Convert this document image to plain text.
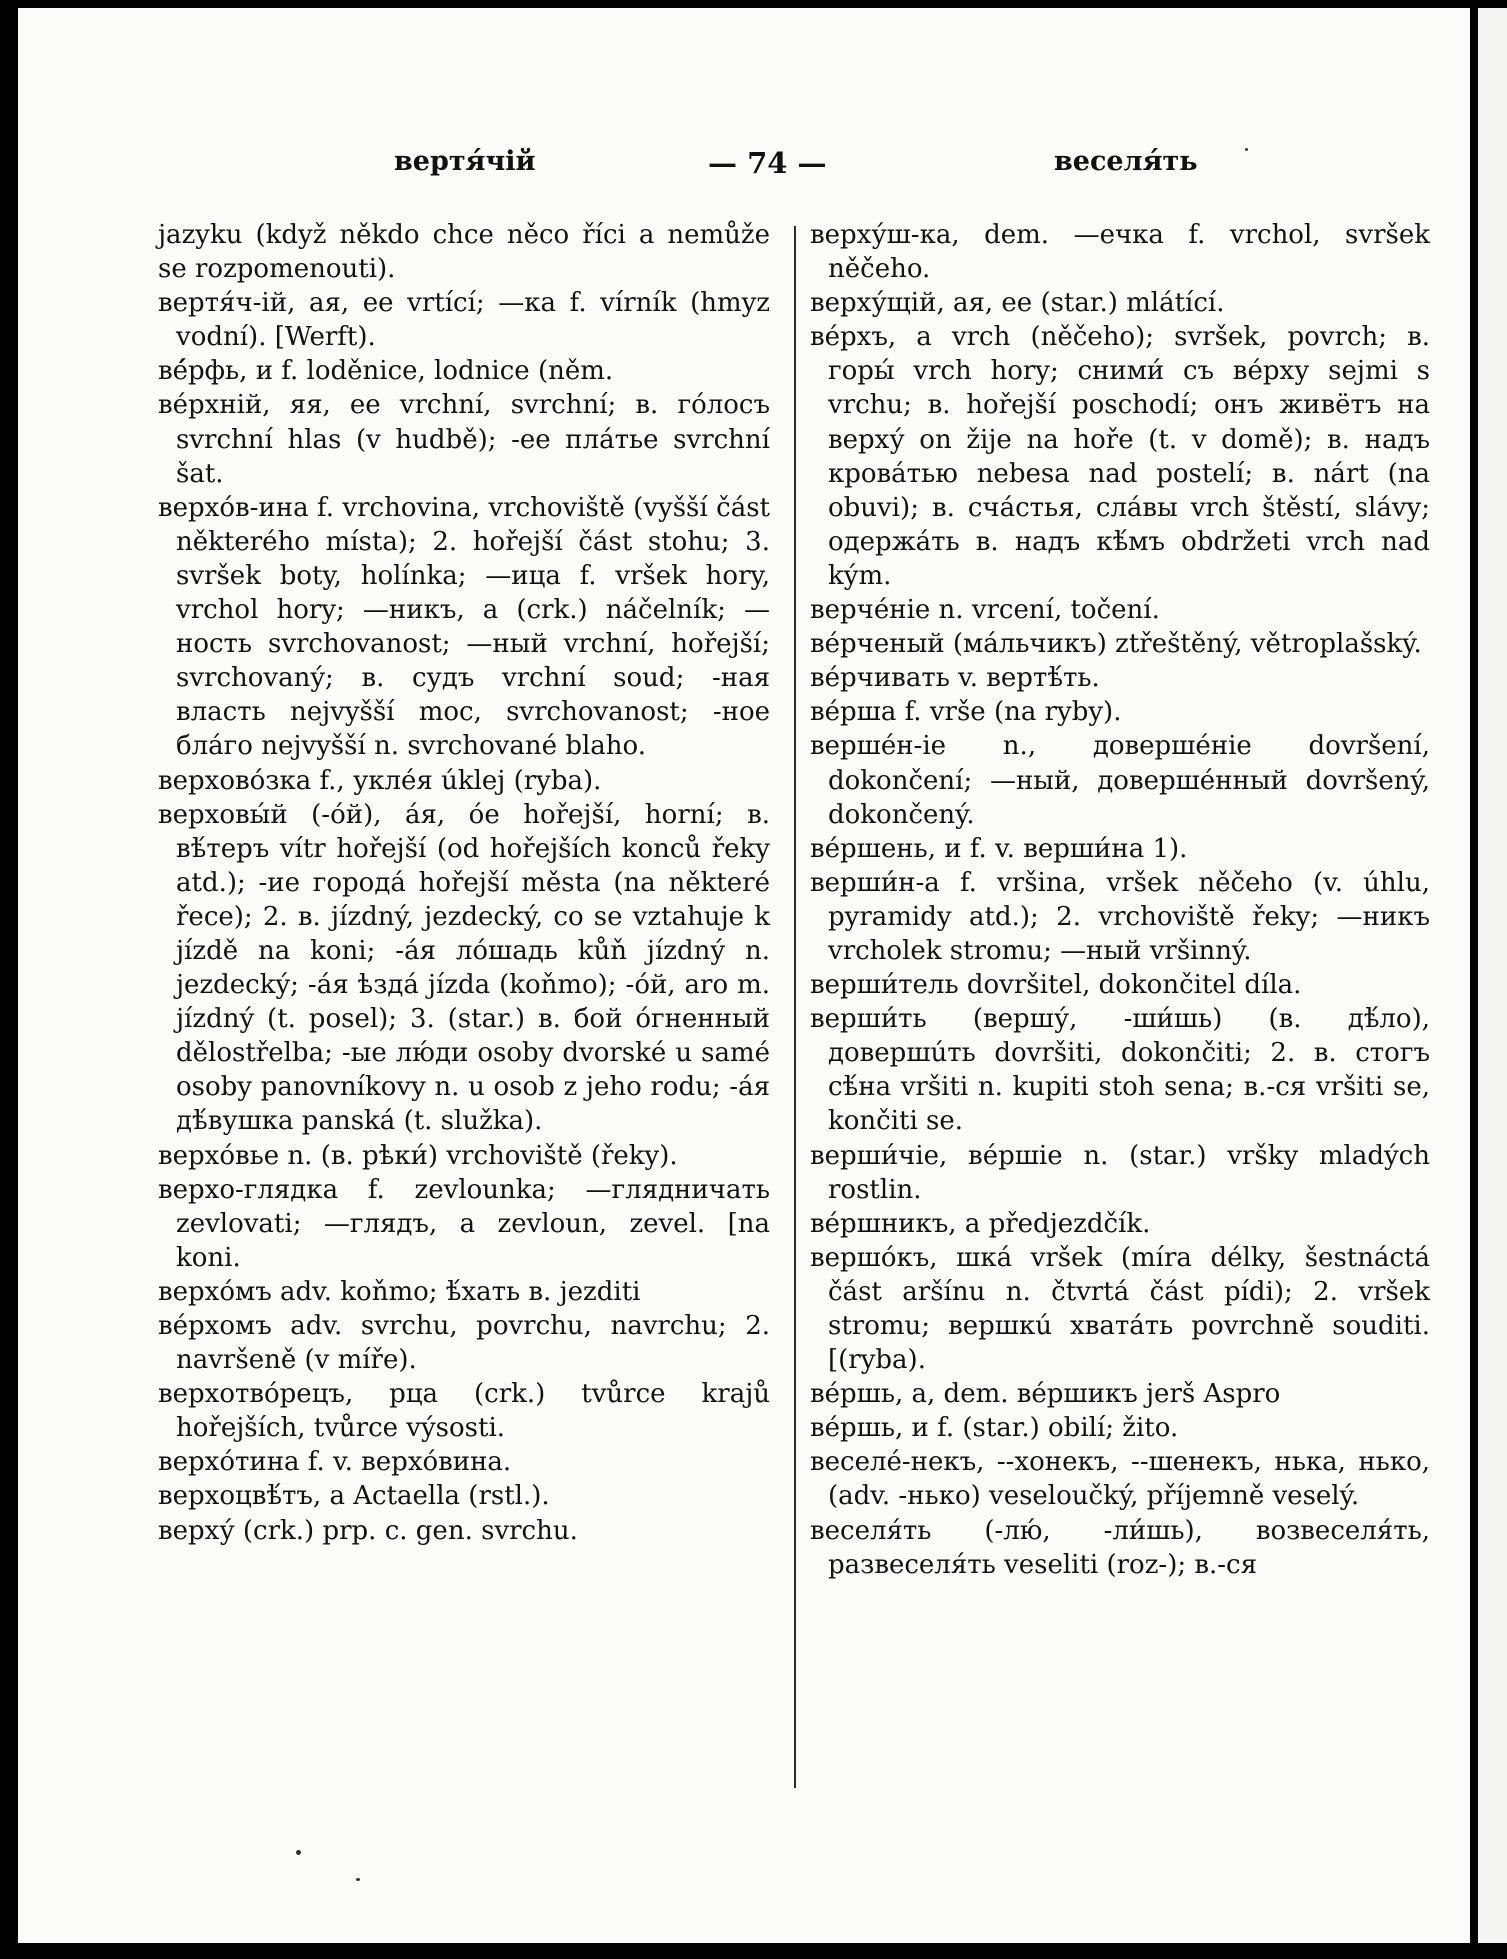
вертя́чій	— 74 —	веселя́ть

jazyku (když někdo chce něco říci a nemůže se rozpomenouti).

вертя́ч-ій, ая, ее vrtící; —ка f. vírník (hmyz vodní). [Werft).

вé́рфь, и f. loděnice, lodnice (něm.

вéрхній, яя, ее vrchní, svrchní; в. гóлосъ svrchní hlas (v hudbě); -ее плáтье svrchní šat.

верхóв-ина f. vrchovina, vrchoviště (vyšší část některého místa); 2. hořejší část stohu; 3. svršek boty, holínka; —ица f. vršek hory, vrchol hory; —никъ, а (crk.) náčelník; —ность svrchovanost; —ный vrchní, hořejší; svrchovaný; в. судъ vrchní soud; -ная власть nejvyšší moc, svrchovanost; -ное блáго nejvyšší n. svrchované blaho.

верховóзка f., уклéя úklej (ryba).

верховы́й (-óй), áя, óе hořejší, horní; в. вѣ́теръ vítr hořejší (od hořejších konců řeky atd.); -ие городá hořejší města (na některé řece); 2. в. jízdný, jezdecký, co se vztahuje k jízdě na koni; -áя лóшадь kůň jízdný n. jezdecký; -áя ѣздá jízda (koňmo); -óй, aro m. jízdný (t. posel); 3. (star.) в. бой óгненный dělostřelba; -ые лю́ди osoby dvorské u samé osoby panovníkovy n. u osob z jeho rodu; -áя дѣ́вушка panská (t. služka).

верхóвье n. (в. рѣки́) vrchoviště (řeky).

верхо-глядка f. zevlounka; —глядничать zevlovati; —глядъ, а zevloun, zevel. [na koni.

верхóмъ adv. koňmo; ѣ́хать в. jezditi

вéрхомъ adv. svrchu, povrchu, navrchu; 2. navršeně (v míře).

верхотвóрецъ, рца (crk.) tvůrce krajů hořejších, tvůrce výsosti.

верхóтина f. v. верхóвина.

верхоцвѣ́тъ, а Actaella (rstl.).

верху́ (crk.) prp. c. gen. svrchu.

верху́ш-ка, dem. —ечка f. vrchol, svršek něčeho.

верху́щій, ая, ее (star.) mlátící.

вéрхъ, а vrch (něčeho); svršek, povrch; в. горы́ vrch hory; сними́ съ вéрху sejmi s vrchu; в. hořejší poschodí; онъ живётъ на верху́ on žije na hoře (t. v domě); в. надъ кровáтью nebesa nad postelí; в. nárt (na obuvi); в. счáстья, слáвы vrch štěstí, slávy; одержáть в. надъ кѣ́мъ obdržeti vrch nad kým.

верчéніе n. vrcení, točení.

вéрченый (мáльчикъ) ztřeštěný, větroplašský.

вéрчивать v. вертѣ́ть.

вéрша f. vrše (na ryby).

вершéн-іе n., довершéніе dovršení, dokončení; —ный, довершéнный dovršený, dokončený.

вéршень, и f. v. верши́на 1).

верши́н-а f. vršina, vršek něčeho (v. úhlu, pyramidy atd.); 2. vrchoviště řeky; —никъ vrcholek stromu; —ный vršinný.

верши́тель dovršitel, dokončitel díla.

верши́ть (вершу́, -ши́шь) (в. дѣ́ло), довершúть dovršiti, dokončiti; 2. в. стогъ сѣ́на vršiti n. kupiti stoh sena; в.-ся vršiti se, končiti se.

верши́чіе, вéршіе n. (star.) vršky mladých rostlin.

вéршникъ, а předjezdčík.

вершóкъ, шкá vršek (míra délky, šestnáctá část aršínu n. čtvrtá část pídi); 2. vršek stromu; вершкú хватáть povrchně souditi. [(ryba).

вéршь, а, dem. вéршикъ jerš Aspro

вéршь, и f. (star.) obilí; žito.

веселé-некъ, --хонекъ, --шенекъ, нька, нько, (adv. -нько) veseloučký, příjemně veselý.

веселя́ть (-лю́, -ли́шь), возвеселя́ть, развеселя́ть veseliti (roz-); в.-ся
